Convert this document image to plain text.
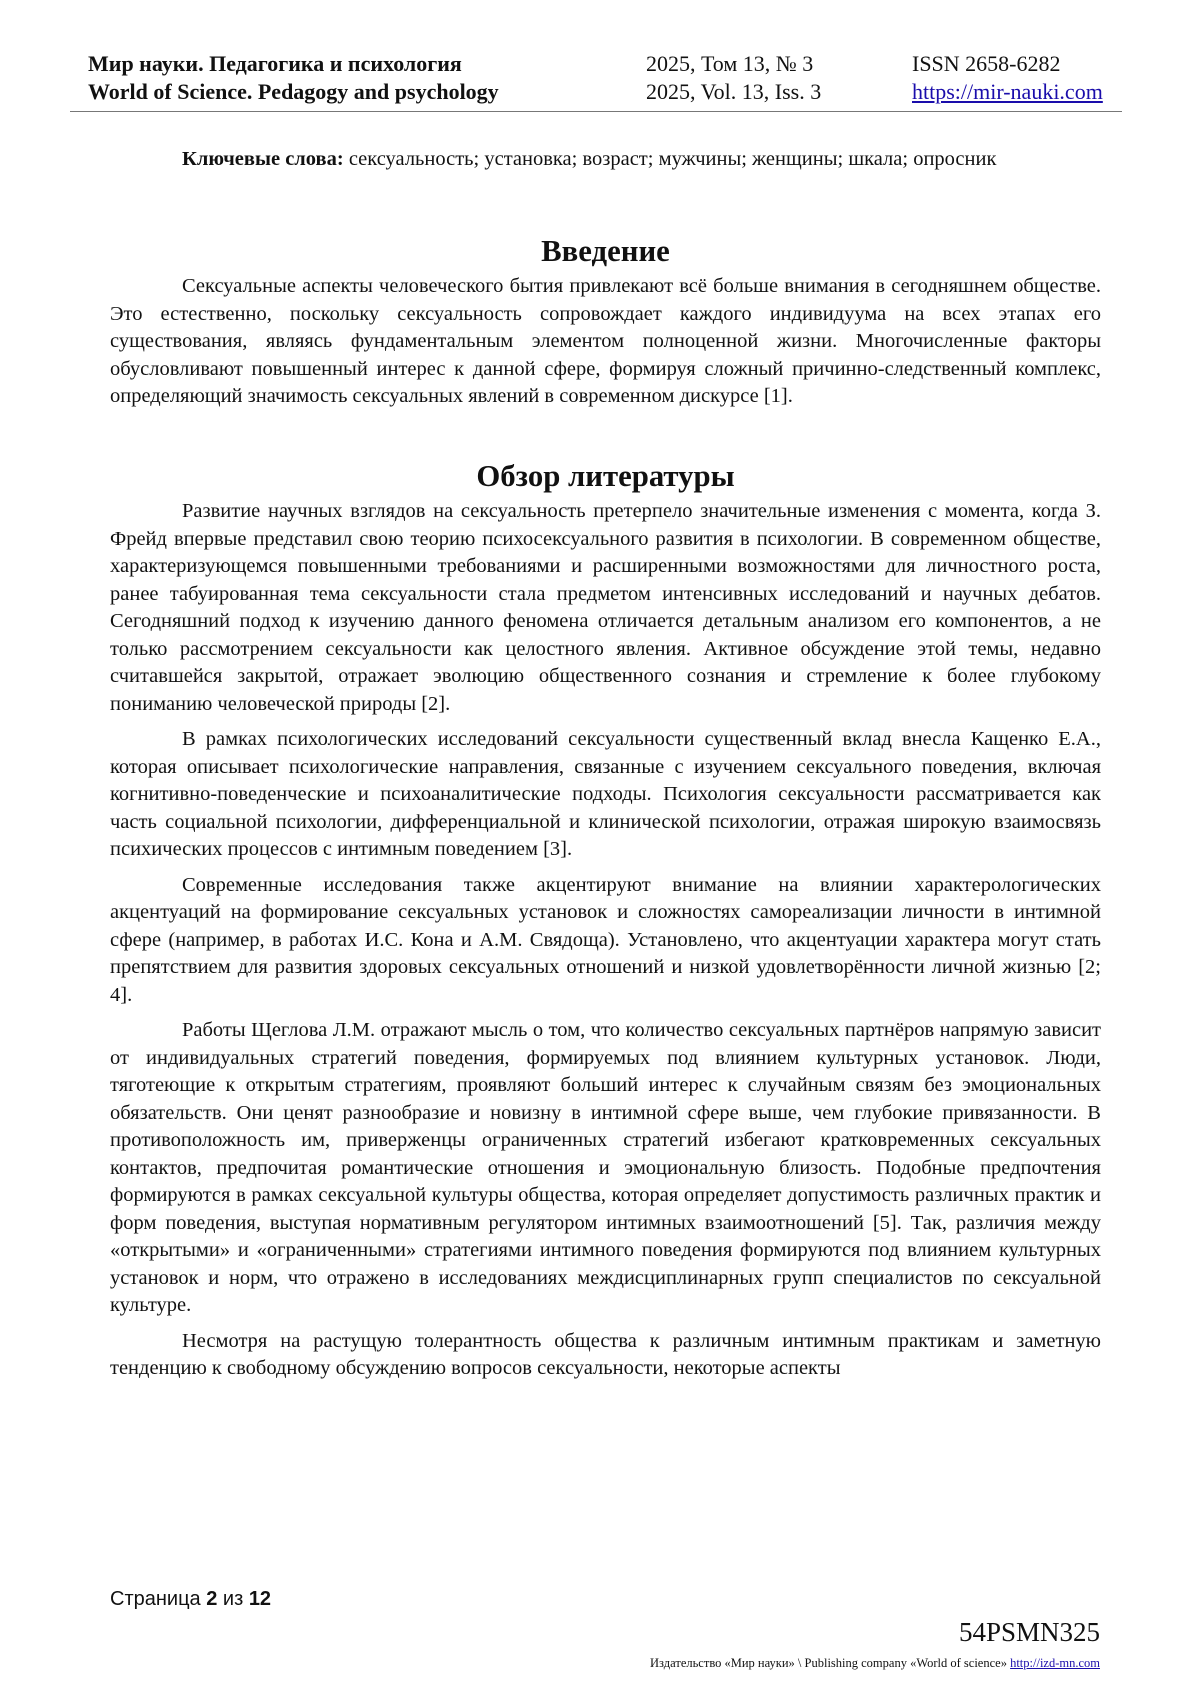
Мир науки. Педагогика и психология
World of Science. Pedagogy and psychology
2025, Том 13, № 3
2025, Vol. 13, Iss. 3
ISSN 2658-6282
https://mir-nauki.com

Ключевые слова: сексуальность; установка; возраст; мужчины; женщины; шкала; опросник

Введение

Сексуальные аспекты человеческого бытия привлекают всё больше внимания в сегодняшнем обществе. Это естественно, поскольку сексуальность сопровождает каждого индивидуума на всех этапах его существования, являясь фундаментальным элементом полноценной жизни. Многочисленные факторы обусловливают повышенный интерес к данной сфере, формируя сложный причинно-следственный комплекс, определяющий значимость сексуальных явлений в современном дискурсе [1].

Обзор литературы

Развитие научных взглядов на сексуальность претерпело значительные изменения с момента, когда З. Фрейд впервые представил свою теорию психосексуального развития в психологии. В современном обществе, характеризующемся повышенными требованиями и расширенными возможностями для личностного роста, ранее табуированная тема сексуальности стала предметом интенсивных исследований и научных дебатов. Сегодняшний подход к изучению данного феномена отличается детальным анализом его компонентов, а не только рассмотрением сексуальности как целостного явления. Активное обсуждение этой темы, недавно считавшейся закрытой, отражает эволюцию общественного сознания и стремление к более глубокому пониманию человеческой природы [2].

В рамках психологических исследований сексуальности существенный вклад внесла Кащенко Е.А., которая описывает психологические направления, связанные с изучением сексуального поведения, включая когнитивно-поведенческие и психоаналитические подходы. Психология сексуальности рассматривается как часть социальной психологии, дифференциальной и клинической психологии, отражая широкую взаимосвязь психических процессов с интимным поведением [3].

Современные исследования также акцентируют внимание на влиянии характерологических акцентуаций на формирование сексуальных установок и сложностях самореализации личности в интимной сфере (например, в работах И.С. Кона и А.М. Свядоща). Установлено, что акцентуации характера могут стать препятствием для развития здоровых сексуальных отношений и низкой удовлетворённости личной жизнью [2; 4].

Работы Щеглова Л.М. отражают мысль о том, что количество сексуальных партнёров напрямую зависит от индивидуальных стратегий поведения, формируемых под влиянием культурных установок. Люди, тяготеющие к открытым стратегиям, проявляют больший интерес к случайным связям без эмоциональных обязательств. Они ценят разнообразие и новизну в интимной сфере выше, чем глубокие привязанности. В противоположность им, приверженцы ограниченных стратегий избегают кратковременных сексуальных контактов, предпочитая романтические отношения и эмоциональную близость. Подобные предпочтения формируются в рамках сексуальной культуры общества, которая определяет допустимость различных практик и форм поведения, выступая нормативным регулятором интимных взаимоотношений [5]. Так, различия между «открытыми» и «ограниченными» стратегиями интимного поведения формируются под влиянием культурных установок и норм, что отражено в исследованиях междисциплинарных групп специалистов по сексуальной культуре.

Несмотря на растущую толерантность общества к различным интимным практикам и заметную тенденцию к свободному обсуждению вопросов сексуальности, некоторые аспекты

Страница 2 из 12
54PSMN325
Издательство «Мир науки» \ Publishing company «World of science» http://izd-mn.com
